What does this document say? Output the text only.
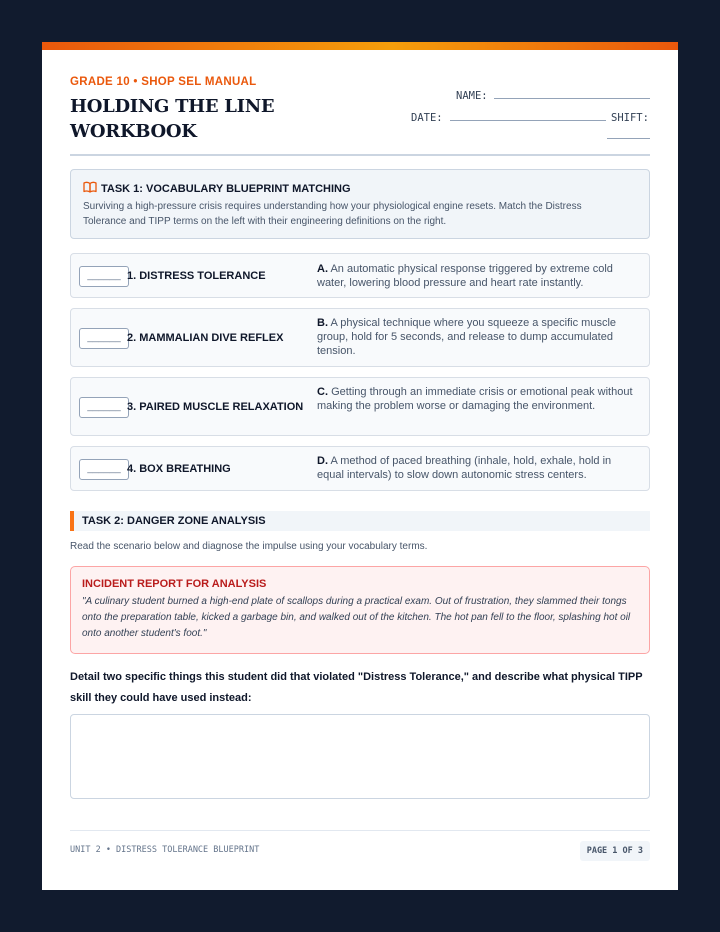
GRADE 10 • SHOP SEL MANUAL
HOLDING THE LINE WORKBOOK
NAME:
DATE:	SHIFT:
TASK 1: VOCABULARY BLUEPRINT MATCHING
Surviving a high-pressure crisis requires understanding how your physiological engine resets. Match the Distress Tolerance and TIPP terms on the left with their engineering definitions on the right.
______ 1. DISTRESS TOLERANCE
A. An automatic physical response triggered by extreme cold water, lowering blood pressure and heart rate instantly.
______ 2. MAMMALIAN DIVE REFLEX
B. A physical technique where you squeeze a specific muscle group, hold for 5 seconds, and release to dump accumulated tension.
______ 3. PAIRED MUSCLE RELAXATION
C. Getting through an immediate crisis or emotional peak without making the problem worse or damaging the environment.
______ 4. BOX BREATHING
D. A method of paced breathing (inhale, hold, exhale, hold in equal intervals) to slow down autonomic stress centers.
TASK 2: DANGER ZONE ANALYSIS
Read the scenario below and diagnose the impulse using your vocabulary terms.
INCIDENT REPORT FOR ANALYSIS
"A culinary student burned a high-end plate of scallops during a practical exam. Out of frustration, they slammed their tongs onto the preparation table, kicked a garbage bin, and walked out of the kitchen. The hot pan fell to the floor, splashing hot oil onto another student's foot."
Detail two specific things this student did that violated "Distress Tolerance," and describe what physical TIPP skill they could have used instead:
UNIT 2 • DISTRESS TOLERANCE BLUEPRINT	PAGE 1 OF 3
